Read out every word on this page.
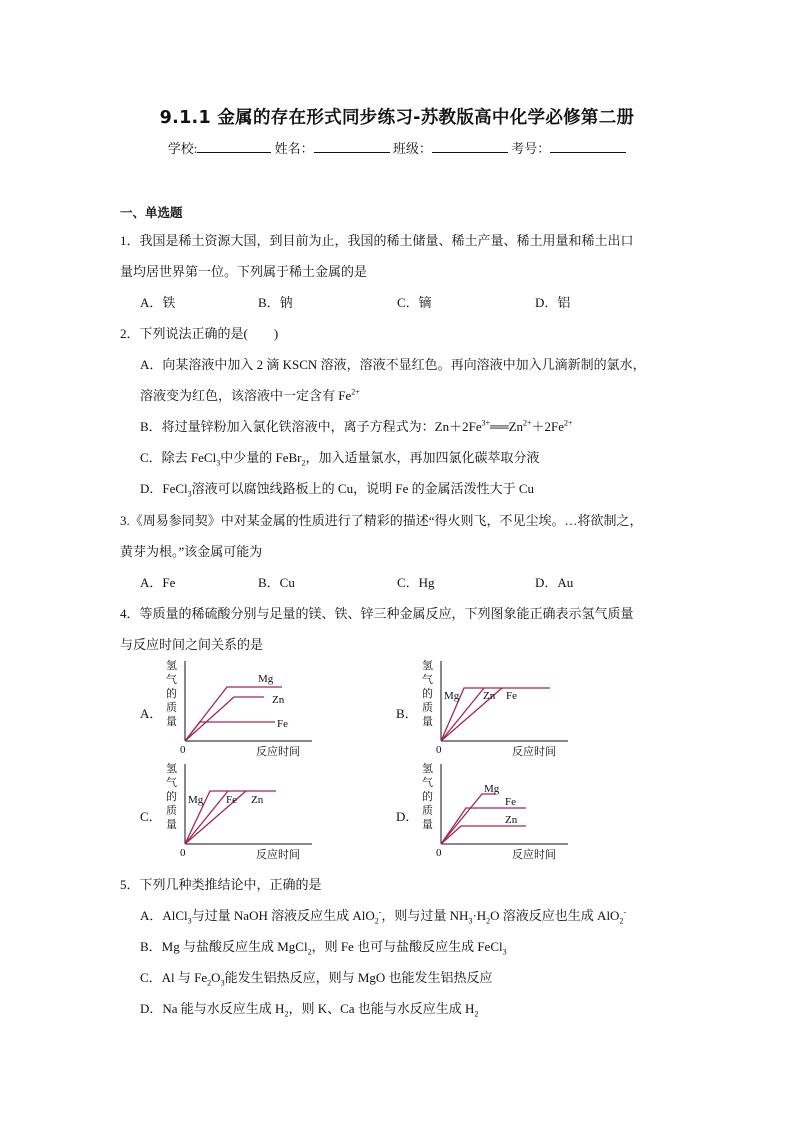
9.1.1 金属的存在形式同步练习-苏教版高中化学必修第二册
学校:	姓名：	班级：	考号：
一、单选题
1．我国是稀土资源大国，到目前为止，我国的稀土储量、稀土产量、稀土用量和稀土出口
量均居世界第一位。下列属于稀土金属的是
A．铁	B．钠	C．镝	D．铝
2．下列说法正确的是(　　)
A．向某溶液中加入 2 滴 KSCN 溶液，溶液不显红色。再向溶液中加入几滴新制的氯水，
溶液变为红色，该溶液中一定含有 $Fe^{2+}$
B．将过量锌粉加入氯化铁溶液中，离子方程式为：$Zn+2Fe^{3+}══Zn^{2+}+2Fe^{2+}$
C．除去 FeCl$_3$中少量的 FeBr$_2$，加入适量氯水，再加四氯化碳萃取分液
D．FeCl$_3$溶液可以腐蚀线路板上的 Cu，说明 Fe 的金属活泼性大于 Cu
3.《周易参同契》中对某金属的性质进行了精彩的描述“得火则飞，不见尘埃。…将欲制之，
黄芽为根。”该金属可能为
A．Fe	B．Cu	C．Hg	D．Au
4．等质量的稀硫酸分别与足量的镁、铁、锌三种金属反应，下列图象能正确表示氢气质量
与反应时间之间关系的是
A．
氢
气
的
质
量
0	反应时间
Mg
Zn
Fe
B．
氢
气
的
质
量
0	反应时间
Mg Zn Fe
C．
氢
气
的
质
量
0	反应时间
Mg Fe Zn
D．
氢
气
的
质
量
0	反应时间
Mg
Fe
Zn
5．下列几种类推结论中，正确的是
A．AlCl$_3$与过量 NaOH 溶液反应生成 AlO$_2$-，则与过量 $NH_3\cdot H_2O$ 溶液反应也生成 AlO$_2$-
B．Mg 与盐酸反应生成 MgCl$_2$，则 Fe 也可与盐酸反应生成 FeCl$_3$
C．Al 与 $Fe_2O_3$能发生铝热反应，则与 MgO 也能发生铝热反应
D．Na 能与水反应生成 $H_2$，则 K、Ca 也能与水反应生成 $H_2$
